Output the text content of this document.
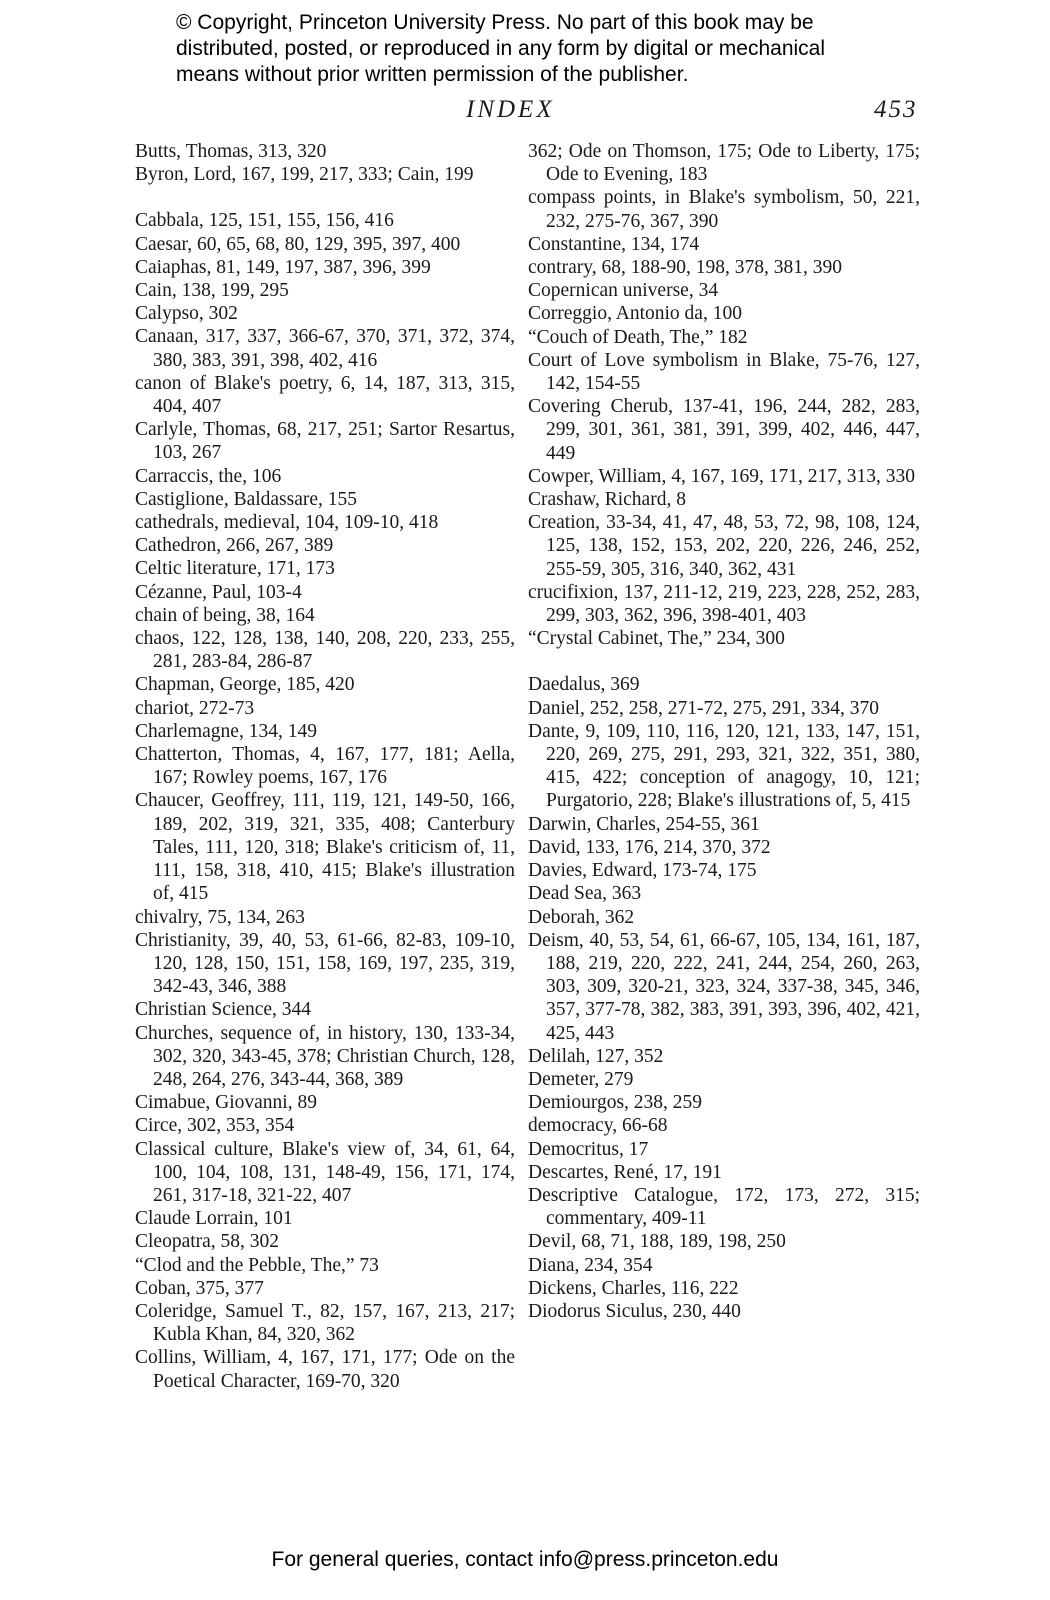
© Copyright, Princeton University Press. No part of this book may be
distributed, posted, or reproduced in any form by digital or mechanical
means without prior written permission of the publisher.
INDEX	453
Butts, Thomas, 313, 320
Byron, Lord, 167, 199, 217, 333; Cain, 199
Cabbala, 125, 151, 155, 156, 416
Caesar, 60, 65, 68, 80, 129, 395, 397, 400
Caiaphas, 81, 149, 197, 387, 396, 399
Cain, 138, 199, 295
Calypso, 302
Canaan, 317, 337, 366-67, 370, 371, 372, 374, 380, 383, 391, 398, 402, 416
canon of Blake's poetry, 6, 14, 187, 313, 315, 404, 407
Carlyle, Thomas, 68, 217, 251; Sartor Resartus, 103, 267
Carraccis, the, 106
Castiglione, Baldassare, 155
cathedrals, medieval, 104, 109-10, 418
Cathedron, 266, 267, 389
Celtic literature, 171, 173
Cézanne, Paul, 103-4
chain of being, 38, 164
chaos, 122, 128, 138, 140, 208, 220, 233, 255, 281, 283-84, 286-87
Chapman, George, 185, 420
chariot, 272-73
Charlemagne, 134, 149
Chatterton, Thomas, 4, 167, 177, 181; Aella, 167; Rowley poems, 167, 176
Chaucer, Geoffrey, 111, 119, 121, 149-50, 166, 189, 202, 319, 321, 335, 408; Canterbury Tales, 111, 120, 318; Blake's criticism of, 11, 111, 158, 318, 410, 415; Blake's illustration of, 415
chivalry, 75, 134, 263
Christianity, 39, 40, 53, 61-66, 82-83, 109-10, 120, 128, 150, 151, 158, 169, 197, 235, 319, 342-43, 346, 388
Christian Science, 344
Churches, sequence of, in history, 130, 133-34, 302, 320, 343-45, 378; Christian Church, 128, 248, 264, 276, 343-44, 368, 389
Cimabue, Giovanni, 89
Circe, 302, 353, 354
Classical culture, Blake's view of, 34, 61, 64, 100, 104, 108, 131, 148-49, 156, 171, 174, 261, 317-18, 321-22, 407
Claude Lorrain, 101
Cleopatra, 58, 302
“Clod and the Pebble, The,” 73
Coban, 375, 377
Coleridge, Samuel T., 82, 157, 167, 213, 217; Kubla Khan, 84, 320, 362
Collins, William, 4, 167, 171, 177; Ode on the Poetical Character, 169-70, 320
362; Ode on Thomson, 175; Ode to Liberty, 175; Ode to Evening, 183
compass points, in Blake's symbolism, 50, 221, 232, 275-76, 367, 390
Constantine, 134, 174
contrary, 68, 188-90, 198, 378, 381, 390
Copernican universe, 34
Correggio, Antonio da, 100
“Couch of Death, The,” 182
Court of Love symbolism in Blake, 75-76, 127, 142, 154-55
Covering Cherub, 137-41, 196, 244, 282, 283, 299, 301, 361, 381, 391, 399, 402, 446, 447, 449
Cowper, William, 4, 167, 169, 171, 217, 313, 330
Crashaw, Richard, 8
Creation, 33-34, 41, 47, 48, 53, 72, 98, 108, 124, 125, 138, 152, 153, 202, 220, 226, 246, 252, 255-59, 305, 316, 340, 362, 431
crucifixion, 137, 211-12, 219, 223, 228, 252, 283, 299, 303, 362, 396, 398-401, 403
“Crystal Cabinet, The,” 234, 300
Daedalus, 369
Daniel, 252, 258, 271-72, 275, 291, 334, 370
Dante, 9, 109, 110, 116, 120, 121, 133, 147, 151, 220, 269, 275, 291, 293, 321, 322, 351, 380, 415, 422; conception of anagogy, 10, 121; Purgatorio, 228; Blake's illustrations of, 5, 415
Darwin, Charles, 254-55, 361
David, 133, 176, 214, 370, 372
Davies, Edward, 173-74, 175
Dead Sea, 363
Deborah, 362
Deism, 40, 53, 54, 61, 66-67, 105, 134, 161, 187, 188, 219, 220, 222, 241, 244, 254, 260, 263, 303, 309, 320-21, 323, 324, 337-38, 345, 346, 357, 377-78, 382, 383, 391, 393, 396, 402, 421, 425, 443
Delilah, 127, 352
Demeter, 279
Demiourgos, 238, 259
democracy, 66-68
Democritus, 17
Descartes, René, 17, 191
Descriptive Catalogue, 172, 173, 272, 315; commentary, 409-11
Devil, 68, 71, 188, 189, 198, 250
Diana, 234, 354
Dickens, Charles, 116, 222
Diodorus Siculus, 230, 440
For general queries, contact info@press.princeton.edu
